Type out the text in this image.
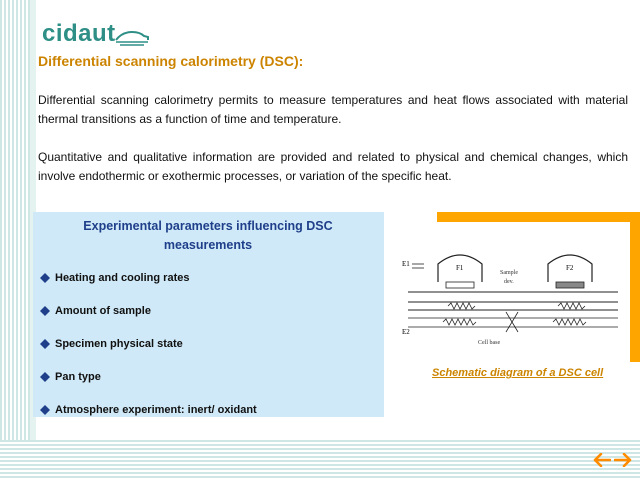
cidaut
Differential scanning calorimetry (DSC):
Differential scanning calorimetry permits to measure temperatures and heat flows associated with material thermal transitions as a function of time and temperature.
Quantitative and qualitative information are provided and related to physical and chemical changes, which involve endothermic or exothermic processes, or variation of the specific heat.
Experimental parameters influencing DSC
measurements
Heating and cooling rates
Amount of sample
Specimen physical state
Pan type
Atmosphere experiment: inert/ oxidant
E1
E2
F1	F2
Sample
dev.
Cell base
Schematic diagram of a DSC cell
